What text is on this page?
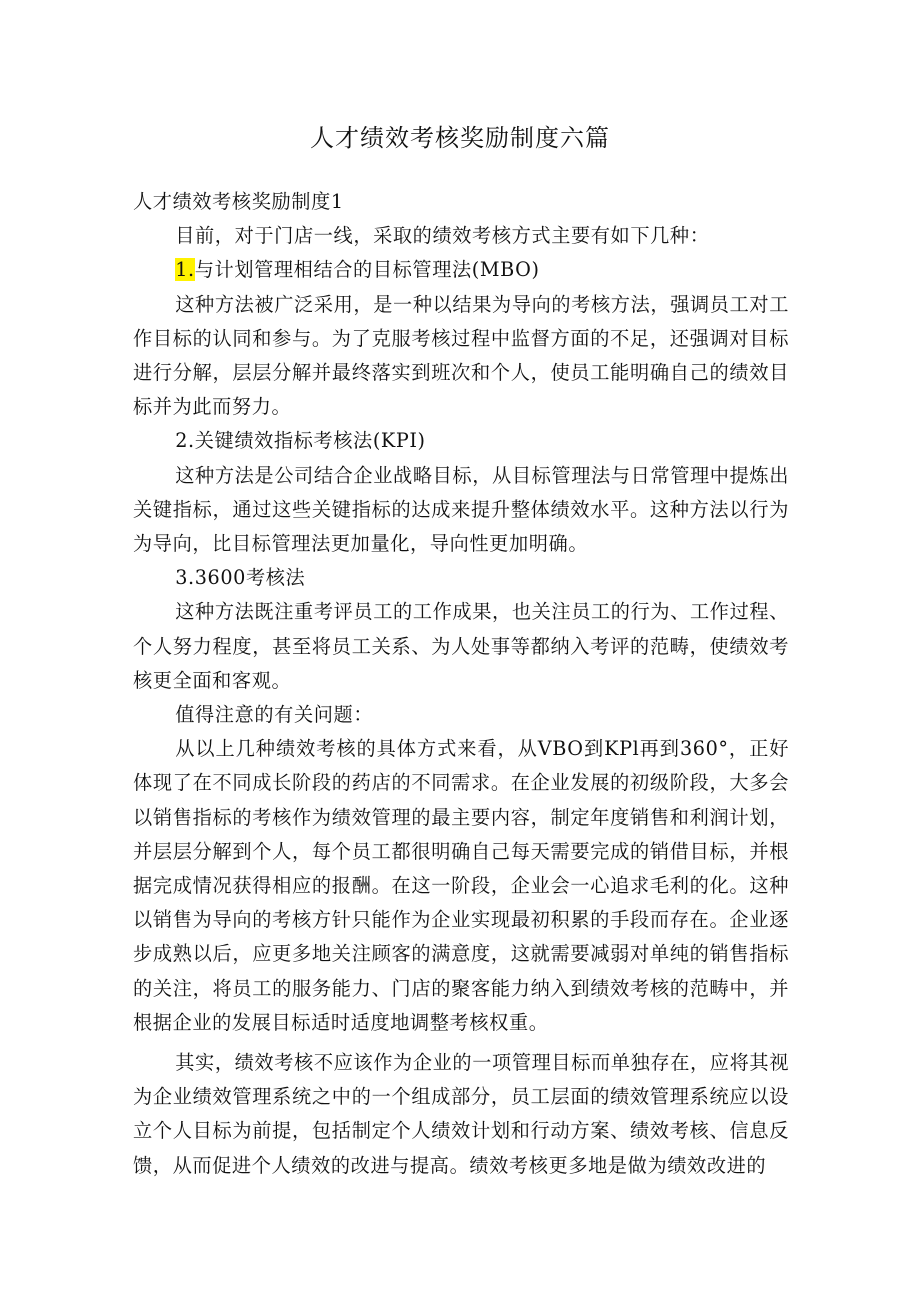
人才绩效考核奖励制度六篇

人才绩效考核奖励制度1

目前，对于门店一线，采取的绩效考核方式主要有如下几种：

1.与计划管理相结合的目标管理法(MBO)

这种方法被广泛采用，是一种以结果为导向的考核方法，强调员工对工作目标的认同和参与。为了克服考核过程中监督方面的不足，还强调对目标进行分解，层层分解并最终落实到班次和个人，使员工能明确自己的绩效目标并为此而努力。

2.关键绩效指标考核法(KPI)

这种方法是公司结合企业战略目标，从目标管理法与日常管理中提炼出关键指标，通过这些关键指标的达成来提升整体绩效水平。这种方法以行为为导向，比目标管理法更加量化，导向性更加明确。

3.3600考核法

这种方法既注重考评员工的工作成果，也关注员工的行为、工作过程、个人努力程度，甚至将员工关系、为人处事等都纳入考评的范畴，使绩效考核更全面和客观。

值得注意的有关问题：

从以上几种绩效考核的具体方式来看，从VBO到KPl再到360°，正好体现了在不同成长阶段的药店的不同需求。在企业发展的初级阶段，大多会以销售指标的考核作为绩效管理的最主要内容，制定年度销售和利润计划，并层层分解到个人，每个员工都很明确自己每天需要完成的销借目标，并根据完成情况获得相应的报酬。在这一阶段，企业会一心追求毛利的化。这种以销售为导向的考核方针只能作为企业实现最初积累的手段而存在。企业逐步成熟以后，应更多地关注顾客的满意度，这就需要减弱对单纯的销售指标的关注，将员工的服务能力、门店的聚客能力纳入到绩效考核的范畴中，并根据企业的发展目标适时适度地调整考核权重。

其实，绩效考核不应该作为企业的一项管理目标而单独存在，应将其视为企业绩效管理系统之中的一个组成部分，员工层面的绩效管理系统应以设立个人目标为前提，包括制定个人绩效计划和行动方案、绩效考核、信息反馈，从而促进个人绩效的改进与提高。绩效考核更多地是做为绩效改进的
